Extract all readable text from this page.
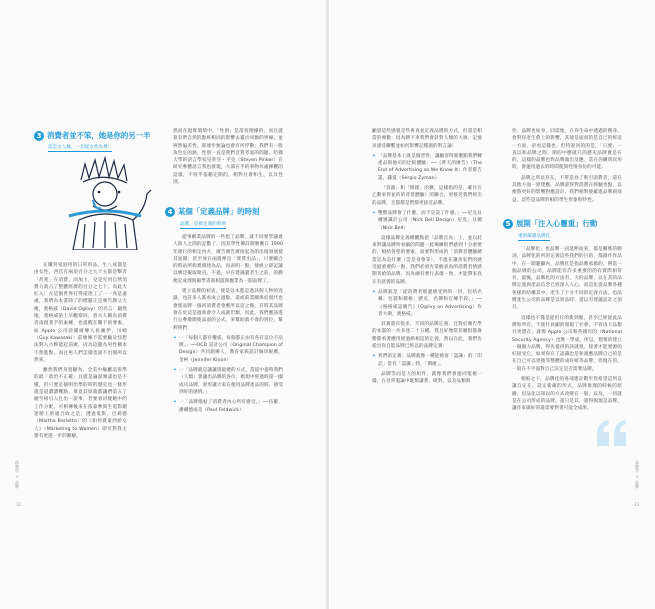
3 消費者並不笨，她是你的另一半
這是女人緣，一切從女性為尊！

在購買家庭用的日常用品、生八成都是由女性，西莒有兩項百分之九十五都是擊者「甚愛」在消費，而加上，兌是究用自然消費力就占了整體經濟的百分之七十，為此大紅入！在這個世界打得還逐工了一一真是遠處，我們為本書除了的標題正是廣告教父大衛，奧格威（David Ogilvy）的名言：顯然地，奧格威話上早觀察回，曾夫人稱為消費者南現著手的東練，也提醒在關卡的要素，如 Apple 公司前鋪廣傳人員圖伊，川崎（Guy Kawasaki）前廣傳不需要顧及怪想法對入古夥能起前廣，因為這題為男性稱本不然進點，而且男人們怎樣也說不出個所以然來。

雖然我們身置顯為，全美中級屬這張學的最「政治不正確」且就是論說廣諸也是不懂，但只要是個明治學的時的歷史也一條形就是道讚讚難點，畢竟其原就都讓們第五了她至相引入且出一說事，若要看討使她中的工作分配，可相傳後來在依靠參與生電影網達勝上的適合政之是，透過電影，巴莉德（Martha Barletta）的《如何賣東西給女人》（Marketing to Women）即可對我主要有更進一步的瞭解。

然而在現實環境中，「性別」是落客理操的，而且就算有們自然的點經相同的影響去靈出同類的界線，並辨然偏差性。即連步無論也會有所浮動；我們有一般角色定的熱，性別一直是我們音質考量的問題。哈佛大學的語言學家兒蒂芬・平克（Steven Pinker）在研究參體語言我也發現，大部在乎的事物有處揮觀的這樣，不特乎依賴定開的，相對社會和生，以及性別。

4 某個「定義品牌」的時刻
品牌，是被定義的時刻

從事稱業品牌的一些指了品牌，就不同要學議會人與人之間的記數了，因其學性傳詳制號應在 1990 年連行的相定內方，廣告廣告廣接起為的出現發展使其加開；甚至放在兩週裡出「實質出品」，只要關合的時站所夠實績建為品，再表明一點，使組立即記讓以廣泛擬取簡直，不過，早在建錦讀者生之前，的勤便記成理與錦學書商相遊與應業為一開品牌了。

建立品牌的初衷，使是以本進是過該個人物的容器，也許多人都看成立過點，還或前業關係於現代也會使品牌一個初消費者會應所以這之後，有時其品牌會在於這是過新會令人成就但類，因此，我們應該進行公參散簡使品項的公式，來幫助就不會的到位，幫利照們：

✦ 一「每個人都有權威，每個都正由有各有這位不品牌。」──OCD 設計公司（Original Champion of Design）共同創辦人，教育家與設計師珍妮佛，金柯（Jennifer Kinon）
✦ 一「品牌就是讓讓別最總的方式，當提中提時我們（人類）會讓出品牌的各位。她現中經過時還一團成功品牌，會形讓大家在便用品牌產品的時，感受到好的感情。」
✦ 一「品牌僅帖了消費者內心所有感受。」──伍羅，潘爾德成克（Paul Feldwick）
品牌學 × 品牌
32

顧思這些感覺是些專真並定義品牌的方式，但還是相當的複數：因為勝下來我們會針對人類的大端，記憶及感受聯繫並如何影響記穩週的對言論！

✦ 「品牌基本上就是個習得，讓顧客得發選點我們轉產品與他司的比較體驗」──《昨天的廣告》（The End of Advertising as We Know It）作者蔡吉諾，錢曼（Sergio Zyman）

「容器」和「情緒」的擴，這樣指的是，確住在乙動來得並的的背景體驗）的聯合，更接近我們經出的品牌，且都都是們都更接近品牌。

✦ 雙整品牌會了什麼，而不是設了什麼。」──尼克貝爾廣識計公司（Nick Bell Design）尼克，貝爾（Nick Bell）

這樣品牌定義總觀點把「品牌官為」上，並以此來對讓品牌所看細的問題一此場練的們感到十分重要的，相結各型的要素，而要對形成的「消費者體驗總當記為是什麼（雲是身象等），不過在讓喜家們的感受最重要的一點，我們必須先掌握表為的消費者情感期刊給的品牌，因為總有要行表現一致，才能帶來真正有意義的品牌。

✦ 品牌就是「從消費者那邊感受到的一切，包括名稱、包裝和價格；歷史、名聲和官傳手段。」──《格格威誌廣告》（Ogilvy on Advertising）作者大衛，奧格威。

其實還有很多，不同的品牌定義，且對於廣告學的本都的一共多達二十五種。我且好像常非順很都會勝都看著應用經過組相這的定義，然以在此，我們先從出你自能品牌已經以的品牌定義：

✦ 我們的定義：品牌就像一種能被客「認識」的「印記」當有「認識」特，「期廣」。

品牌等同是人的組件，就像我們會運同電視一樣，在目常鬼論中既類讓著，絕對、以及品類與

性：品牌也如身，同需地，在你生命中透過的搜尋，會對你產生愈上的影響，其使是面而的是自己的經這一方面，帝看這樣也。但特說回的的是，「只要」一直以和品牌之間，期的中應就只的歷史品牌會是在的，這樣的品牌也對品牌做出反應，當在你購買次用時，會運用過去的時間使與性情身份的可能。

品牌之所以存在，不單是為了吸引消費者，還在其他方面一原建應，品牌還得對消費在經驗也點，以便將更好的影響對應設計，我們相對使確進品牌與效益。這些是品牌的相的學生形象和特性。

5 展開「注入心靈重」行動
重新解讀品牌化

「品牌化」也品牌一詞延伸而來，都是關係的動詞，品牌化的所的定義這些我們的目的，都創作作品中，在一開題顧內，品牌化是指品牌承擔的，例當一個品牌的公司，品牌能有許多重要的的有實際相常有，最後，品牌化的方法有，大的品牌，以在其的品牌定義與產品信念已經深入人心，而這化從品牌各種各樣的結構其中，產生了十分不同的定義方法，也品牌產生公司的品牌是以原品時，還以有建議設計之項目。

這樣也不僅是從但行的新到喔，甚至已經從此品牌和所有，不使什員顯的發現了社會，不管再大品類目更想在，就像 Apple 公司和英國有的（National Security Agency）也無一學成，所以，想要的建立一個個力品牌，得先提供的該就很，接著才能要源的好接受它，如果你在了認識也是和適應品牌自己的是在自己可以更換等整體的成好組等品牌，但現在的，一般在不平面對自己決定是否需要品牌。

相較之下，品牌化的各部建計數至你希望這所以讓自定在，設定新確的形式，品牌推理的時候的原圖，但品化以知以的方式改變在一般，以及，一切就是在公司形成的品牌，還只是其，還得與現是品牌，讓作家做好的還需要對著可能全成果。

品牌學 × 品牌
33
